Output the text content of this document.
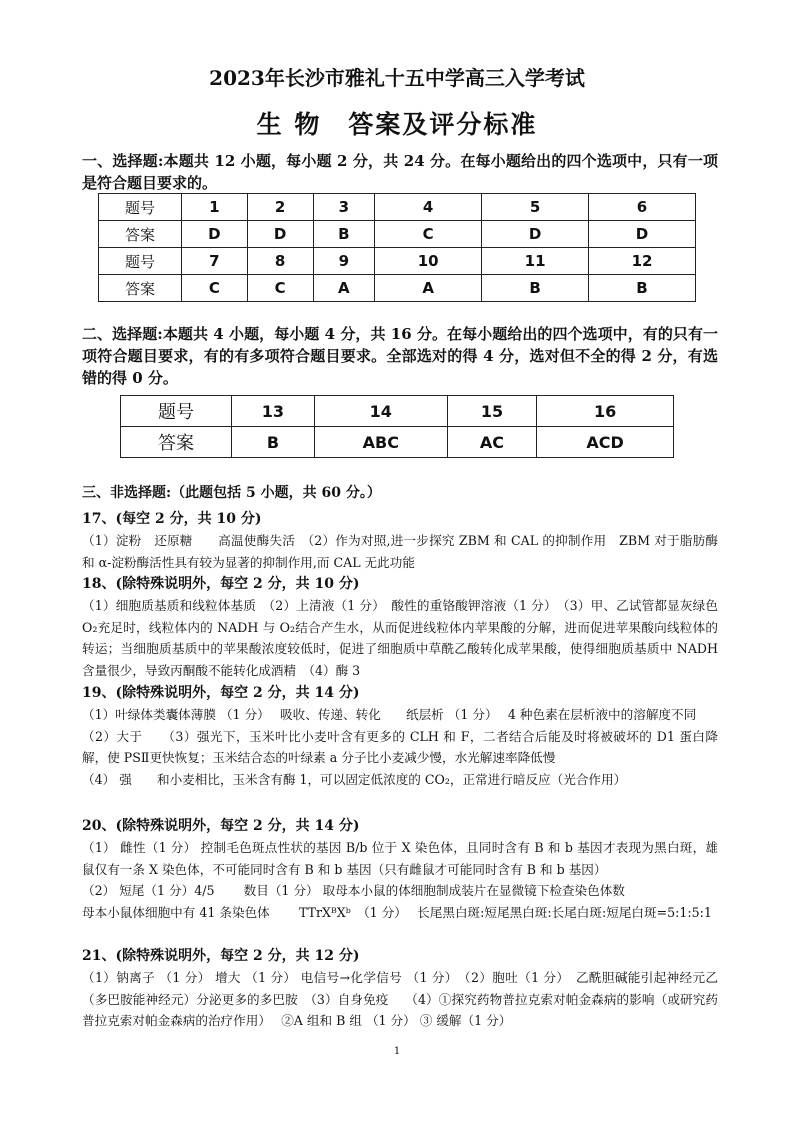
2023年长沙市雅礼十五中学高三入学考试
生 物　答案及评分标准
一、选择题:本题共 12 小题，每小题 2 分，共 24 分。在每小题给出的四个选项中，只有一项是符合题目要求的。
题号	1	2	3	4	5	6
答案	D	D	B	C	D	D
题号	7	8	9	10	11	12
答案	C	C	A	A	B	B
二、选择题:本题共 4 小题，每小题 4 分，共 16 分。在每小题给出的四个选项中，有的只有一项符合题目要求，有的有多项符合题目要求。全部选对的得 4 分，选对但不全的得 2 分，有选错的得 0 分。
题号	13	14	15	16
答案	B	ABC	AC	ACD
三、非选择题:（此题包括 5 小题，共 60 分。）
17、(每空 2 分，共 10 分)

（1）淀粉　还原糖　　高温使酶失活　（2）作为对照,进一步探究 ZBM 和 CAL 的抑制作用　ZBM 对于脂肪酶和 α-淀粉酶活性具有较为显著的抑制作用,而 CAL 无此功能

18、(除特殊说明外，每空 2 分，共 10 分)

（1）细胞质基质和线粒体基质　（2）上清液（1 分）　酸性的重铬酸钾溶液（1 分）　（3）甲、乙试管都显灰绿色　　O₂充足时，线粒体内的 NADH 与 O₂结合产生水，从而促进线粒体内苹果酸的分解，进而促进苹果酸向线粒体的转运；当细胞质基质中的苹果酸浓度较低时，促进了细胞质中草酰乙酸转化成苹果酸，使得细胞质基质中 NADH 含量很少，导致丙酮酸不能转化成酒精　（4）酶 3

19、(除特殊说明外，每空 2 分，共 14 分)

（1）叶绿体类囊体薄膜 （1 分）　 吸收、传递、转化　　纸层析 （1 分）　 4 种色素在层析液中的溶解度不同

（2）大于　　（3）强光下，玉米叶比小麦叶含有更多的 CLH 和 F，二者结合后能及时将被破坏的 D1 蛋白降解，使 PSⅡ更快恢复；玉米结合态的叶绿素 a 分子比小麦减少慢，水光解速率降低慢

（4） 强　　和小麦相比，玉米含有酶 1，可以固定低浓度的 CO₂，正常进行暗反应（光合作用）

20、(除特殊说明外，每空 2 分，共 14 分)

（1） 雌性（1 分） 控制毛色斑点性状的基因 B/b 位于 X 染色体，且同时含有 B 和 b 基因才表现为黑白斑，雄鼠仅有一条 X 染色体，不可能同时含有 B 和 b 基因（只有雌鼠才可能同时含有 B 和 b 基因）

（2） 短尾（1 分）4/5　　 数目（1 分） 取母本小鼠的体细胞制成装片在显微镜下检查染色体数

母本小鼠体细胞中有 41 条染色体　　 TTrXᴮXᵇ　（1 分）　 长尾黑白斑:短尾黑白斑:长尾白斑:短尾白斑=5:1:5:1

21、(除特殊说明外，每空 2 分，共 12 分)

（1）钠离子 （1 分） 增大 （1 分） 电信号→化学信号 （1 分）　（2）胞吐（1 分）　乙酰胆碱能引起神经元乙（多巴胺能神经元）分泌更多的多巴胺　（3）自身免疫　 （4）①探究药物普拉克索对帕金森病的影响（或研究药普拉克索对帕金森病的治疗作用）　 ②A 组和 B 组 （1 分） ③ 缓解（1 分）

1
